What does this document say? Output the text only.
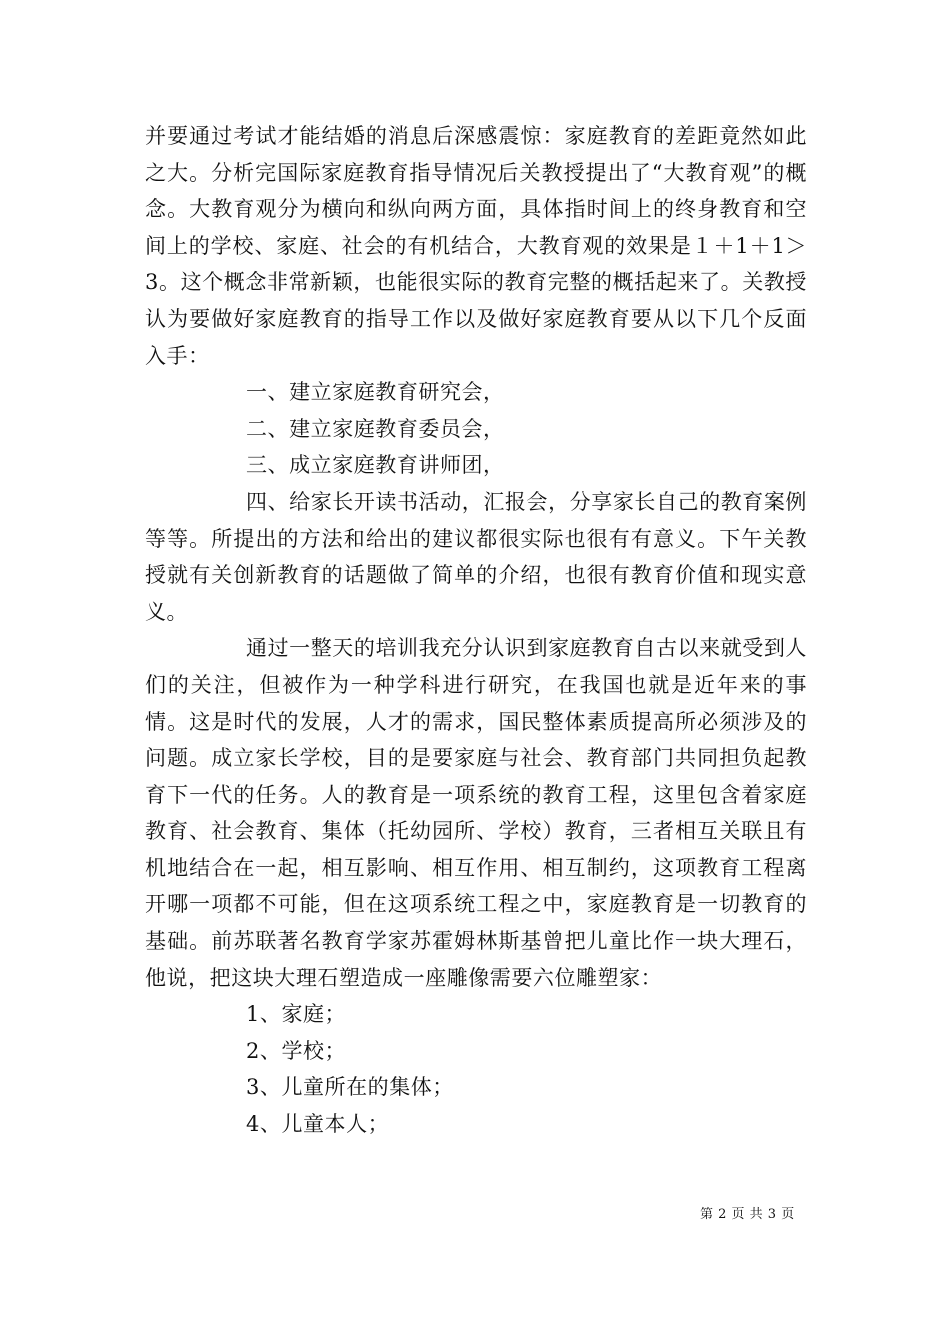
并要通过考试才能结婚的消息后深感震惊：家庭教育的差距竟然如此之大。分析完国际家庭教育指导情况后关教授提出了“大教育观”的概念。大教育观分为横向和纵向两方面，具体指时间上的终身教育和空间上的学校、家庭、社会的有机结合，大教育观的效果是１＋1＋1＞3。这个概念非常新颖，也能很实际的教育完整的概括起来了。关教授认为要做好家庭教育的指导工作以及做好家庭教育要从以下几个反面入手：

一、建立家庭教育研究会，

二、建立家庭教育委员会，

三、成立家庭教育讲师团，

四、给家长开读书活动，汇报会，分享家长自己的教育案例等等。所提出的方法和给出的建议都很实际也很有有意义。下午关教授就有关创新教育的话题做了简单的介绍，也很有教育价值和现实意义。

通过一整天的培训我充分认识到家庭教育自古以来就受到人们的关注，但被作为一种学科进行研究，在我国也就是近年来的事情。这是时代的发展，人才的需求，国民整体素质提高所必须涉及的问题。成立家长学校，目的是要家庭与社会、教育部门共同担负起教育下一代的任务。人的教育是一项系统的教育工程，这里包含着家庭教育、社会教育、集体（托幼园所、学校）教育，三者相互关联且有机地结合在一起，相互影响、相互作用、相互制约，这项教育工程离开哪一项都不可能，但在这项系统工程之中，家庭教育是一切教育的基础。前苏联著名教育学家苏霍姆林斯基曾把儿童比作一块大理石，他说，把这块大理石塑造成一座雕像需要六位雕塑家：

1、家庭；

2、学校；

3、儿童所在的集体；

4、儿童本人；

第 2 页 共 3 页
